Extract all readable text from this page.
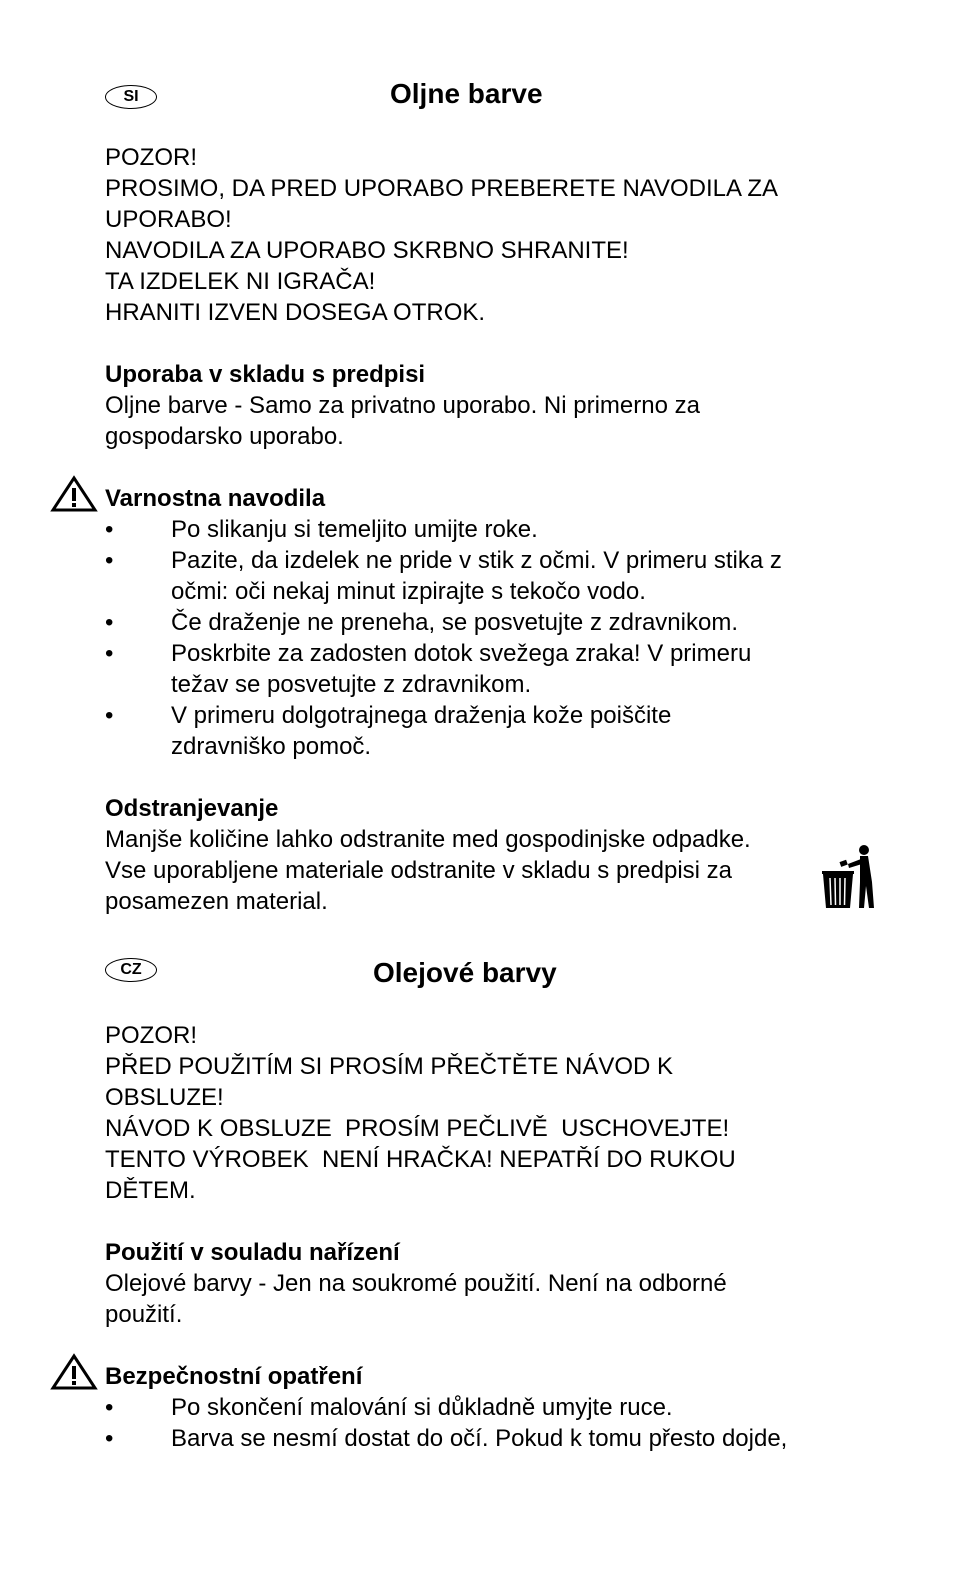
SI	Oljne barve
POZOR!
PROSIMO, DA PRED UPORABO PREBERETE NAVODILA ZA
UPORABO!
NAVODILA ZA UPORABO SKRBNO SHRANITE!
TA IZDELEK NI IGRAČA!
HRANITI IZVEN DOSEGA OTROK.
Uporaba v skladu s predpisi
Oljne barve - Samo za privatno uporabo. Ni primerno za
gospodarsko uporabo.
Varnostna navodila
• Po slikanju si temeljito umijte roke.
• Pazite, da izdelek ne pride v stik z očmi. V primeru stika z
očmi: oči nekaj minut izpirajte s tekočo vodo.
• Če draženje ne preneha, se posvetujte z zdravnikom.
• Poskrbite za zadosten dotok svežega zraka! V primeru
težav se posvetujte z zdravnikom.
• V primeru dolgotrajnega draženja kože poiščite
zdravniško pomoč.
Odstranjevanje
Manjše količine lahko odstranite med gospodinjske odpadke.
Vse uporabljene materiale odstranite v skladu s predpisi za
posamezen material.
CZ	Olejové barvy
POZOR!
PŘED POUŽITÍM SI PROSÍM PŘEČTĚTE NÁVOD K
OBSLUZE!
NÁVOD K OBSLUZE  PROSÍM PEČLIVĚ  USCHOVEJTE!
TENTO VÝROBEK  NENÍ HRAČKA! NEPATŘÍ DO RUKOU
DĚTEM.
Použití v souladu nařízení
Olejové barvy - Jen na soukromé použití. Není na odborné
použití.
Bezpečnostní opatření
• Po skončení malování si důkladně umyjte ruce.
• Barva se nesmí dostat do očí. Pokud k tomu přesto dojde,
